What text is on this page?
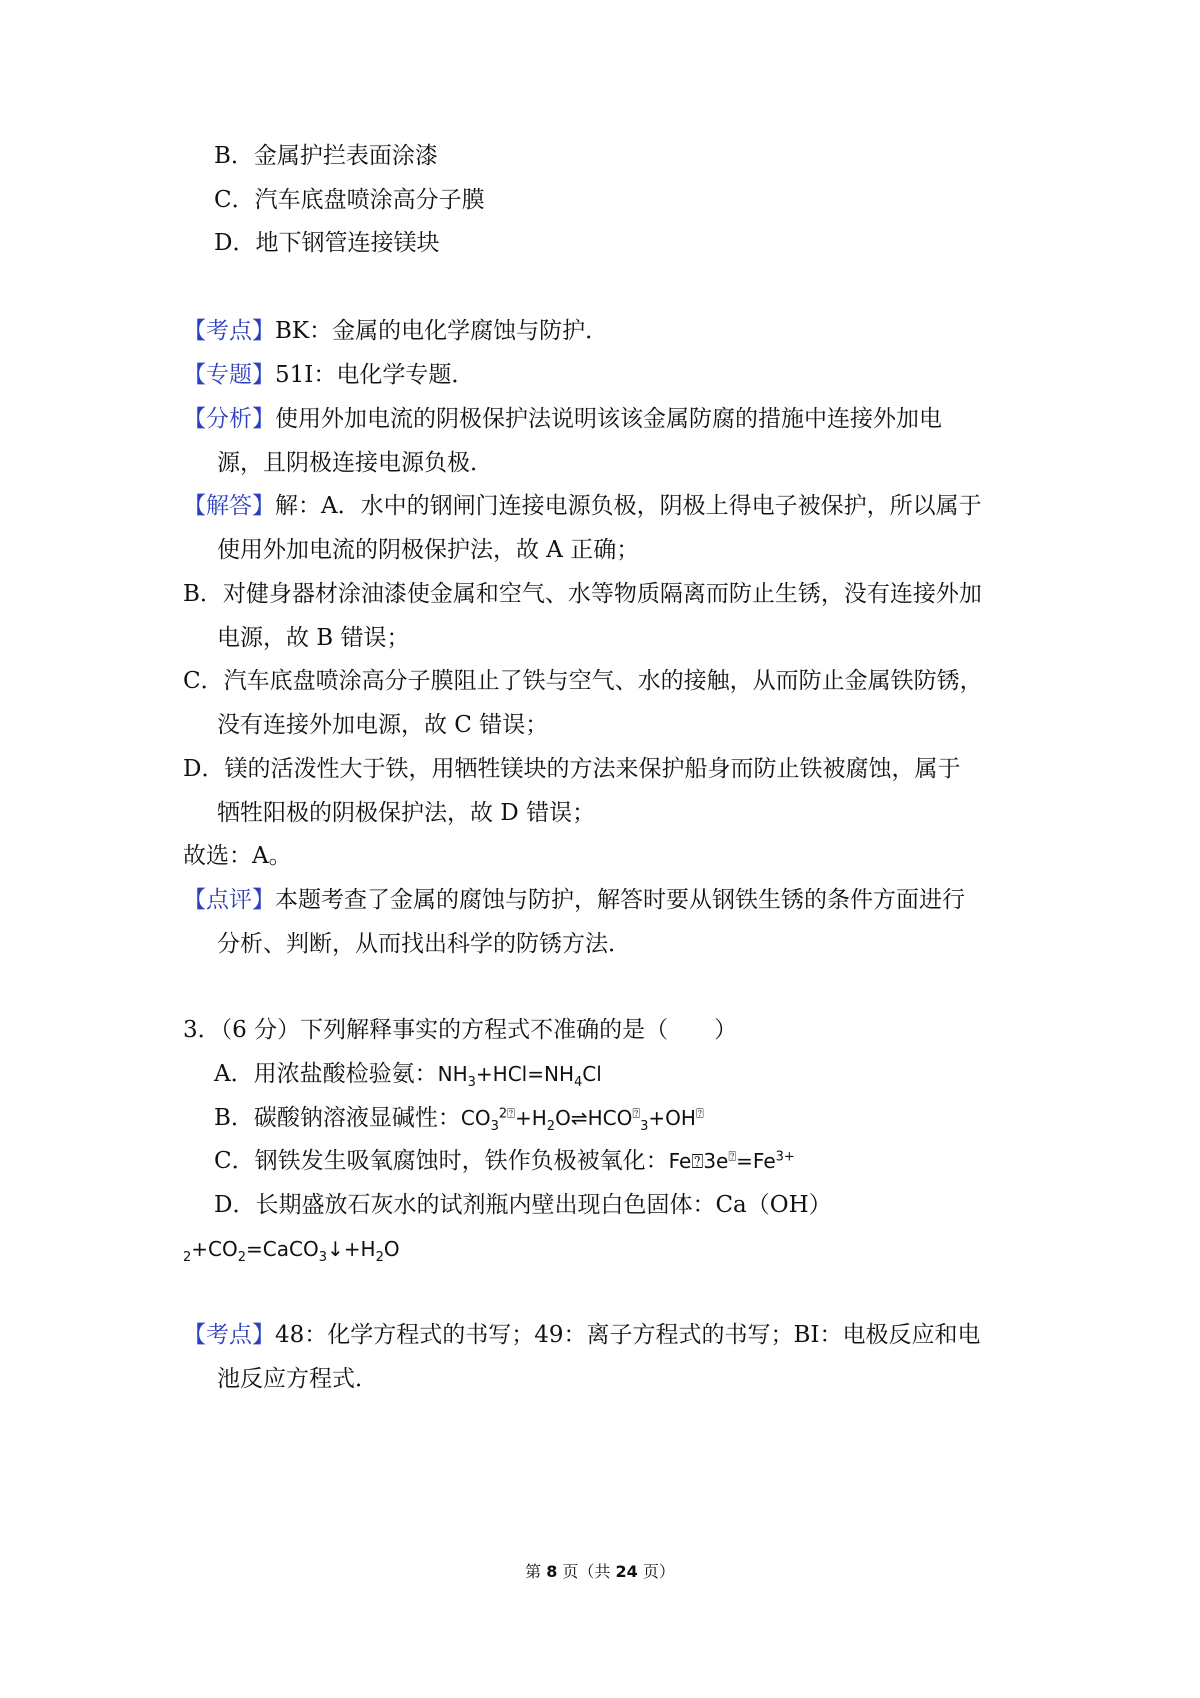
B．金属护拦表面涂漆
C．汽车底盘喷涂高分子膜
D．地下钢管连接镁块
【考点】BK：金属的电化学腐蚀与防护．
【专题】51I：电化学专题．
【分析】使用外加电流的阴极保护法说明该该金属防腐的措施中连接外加电
源，且阴极连接电源负极．
【解答】解：A．水中的钢闸门连接电源负极，阴极上得电子被保护，所以属于
使用外加电流的阴极保护法，故 A 正确；
B．对健身器材涂油漆使金属和空气、水等物质隔离而防止生锈，没有连接外加
电源，故 B 错误；
C．汽车底盘喷涂高分子膜阻止了铁与空气、水的接触，从而防止金属铁防锈，
没有连接外加电源，故 C 错误；
D．镁的活泼性大于铁，用牺牲镁块的方法来保护船身而防止铁被腐蚀，属于
牺牲阳极的阴极保护法，故 D 错误；
故选：A。
【点评】本题考查了金属的腐蚀与防护，解答时要从钢铁生锈的条件方面进行
分析、判断，从而找出科学的防锈方法．
3．（6 分）下列解释事实的方程式不准确的是（　　）
A．用浓盐酸检验氨：$NH_3+HCl=NH_4Cl$
B．碳酸钠溶液显碱性：$CO_3^{2⍰}+H_2O\rightleftharpoons HCO^⍰_3+OH^⍰$
C．钢铁发生吸氧腐蚀时，铁作负极被氧化：$Fe⍰3e^⍰=Fe^{3+}$
D．长期盛放石灰水的试剂瓶内壁出现白色固体：Ca（OH）
$_2+CO_2=CaCO_3↓+H_2O$
【考点】48：化学方程式的书写；49：离子方程式的书写；BI：电极反应和电
池反应方程式．
第 8 页（共 24 页）
